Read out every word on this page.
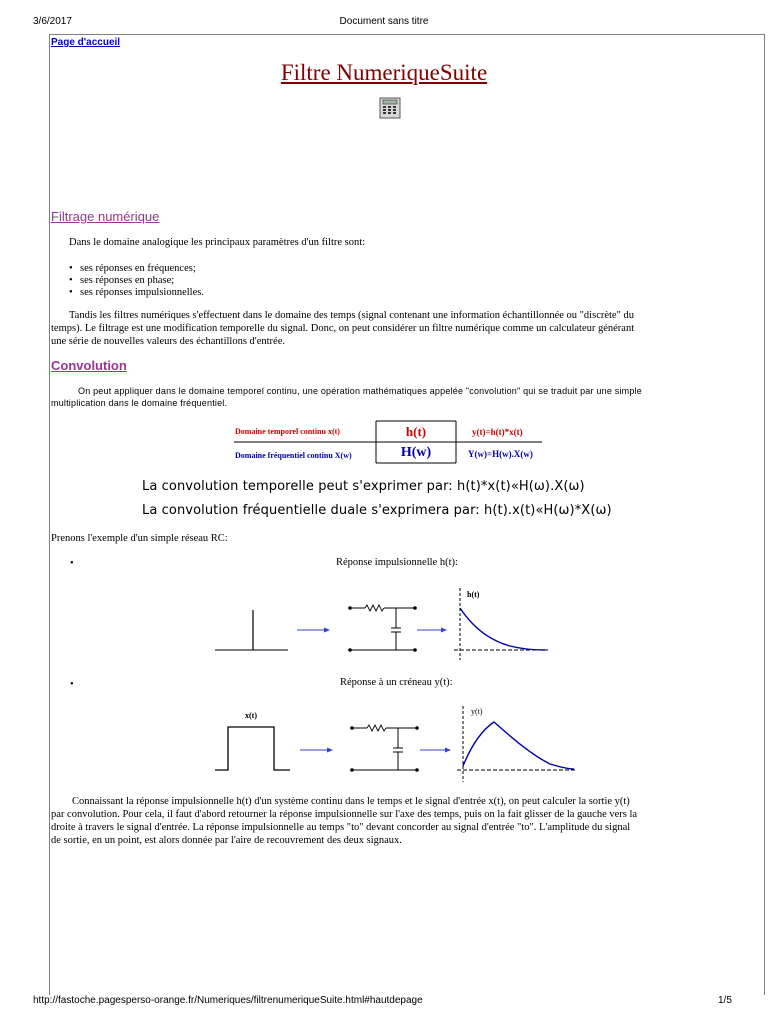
3/6/2017	Document sans titre
Page d'accueil
Filtre NumeriqueSuite
Filtrage numérique
Dans le domaine analogique les principaux paramètres d'un filtre sont:
• ses réponses en fréquences;
• ses réponses en phase;
• ses réponses impulsionnelles.
Tandis les filtres numériques s'effectuent dans le domaine des temps (signal contenant une information échantillonnée ou "discrète" du
temps). Le filtrage est une modification temporelle du signal. Donc, on peut considérer un filtre numérique comme un calculateur générant
une série de nouvelles valeurs des échantillons d'entrée.
Convolution
On peut appliquer dans le domaine temporel continu, une opération mathématiques appelée "convolution" qui se traduit par une simple
multiplication dans le domaine fréquentiel.
Domaine temporel continu x(t)	h(t)	y(t)=h(t)*x(t)
Domaine fréquentiel continu X(w)	H(w)	Y(w)=H(w).X(w)
La convolution temporelle peut s'exprimer par: h(t)*x(t)«H(ω).X(ω)
La convolution fréquentielle duale s'exprimera par: h(t).x(t)«H(ω)*X(ω)
Prenons l'exemple d'un simple réseau RC:
•	Réponse impulsionnelle h(t):
h(t)
•	Réponse à un créneau y(t):
x(t)	y(t)
Connaissant la réponse impulsionnelle h(t) d'un système continu dans le temps et le signal d'entrée x(t), on peut calculer la sortie y(t)
par convolution. Pour cela, il faut d'abord retourner la réponse impulsionnelle sur l'axe des temps, puis on la fait glisser de la gauche vers la
droite à travers le signal d'entrée. La réponse impulsionnelle au temps "to" devant concorder au signal d'entrée "to". L'amplitude du signal
de sortie, en un point, est alors donnée par l'aire de recouvrement des deux signaux.
http://fastoche.pagesperso-orange.fr/Numeriques/filtrenumeriqueSuite.html#hautdepage	1/5
